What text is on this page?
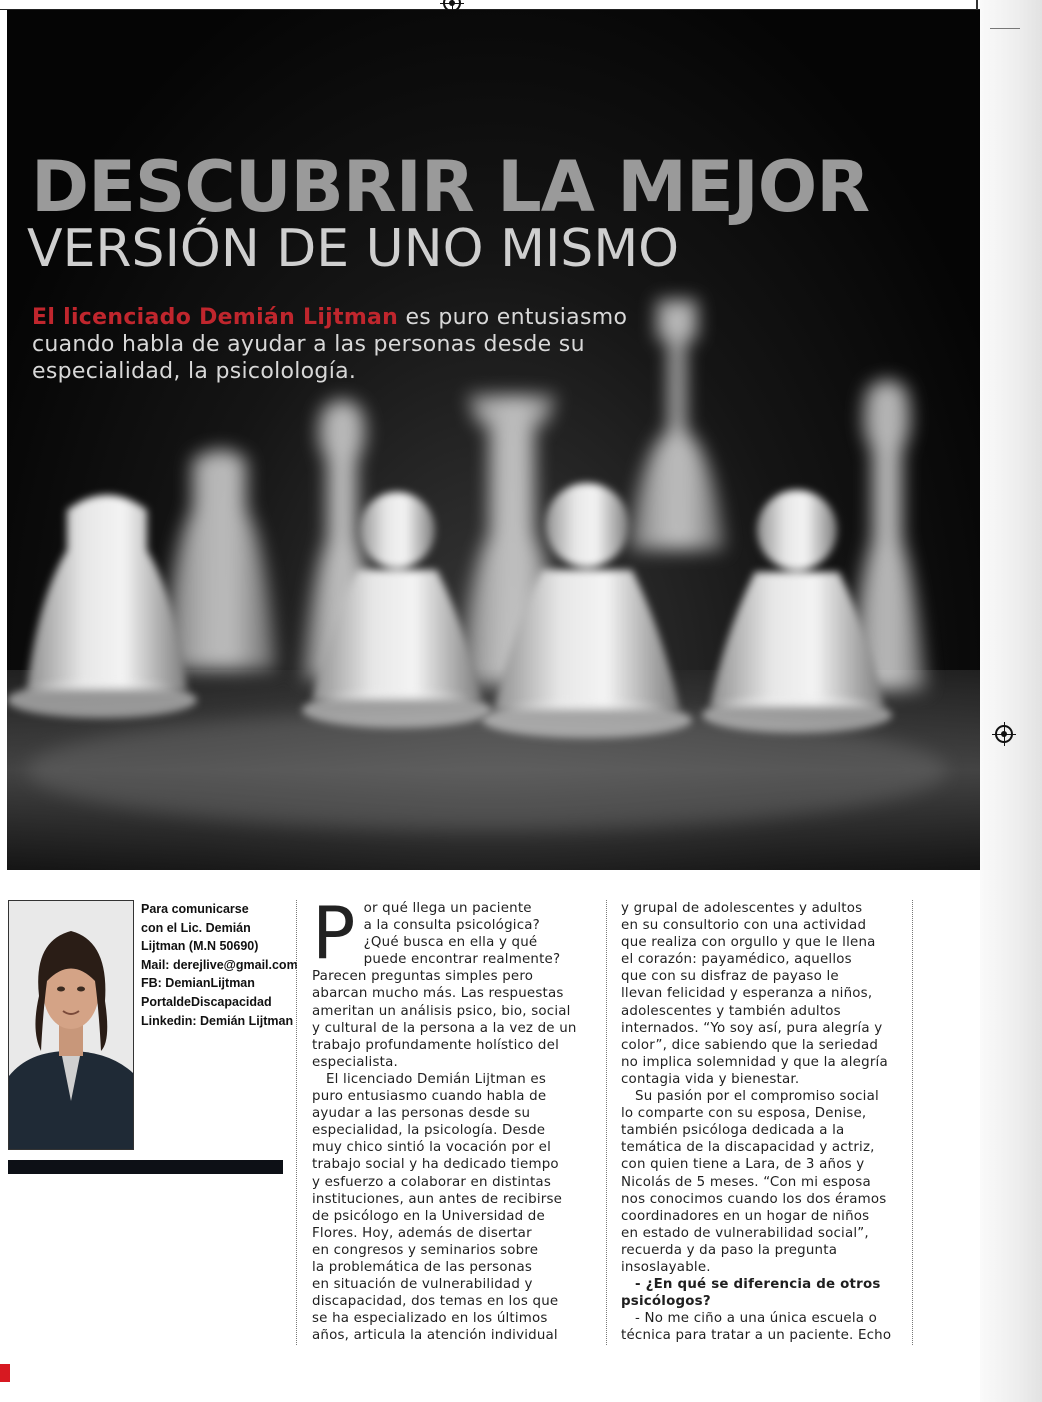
DESCUBRIR LA MEJOR
VERSIÓN DE UNO MISMO

El licenciado Demián Lijtman es puro entusiasmo cuando habla de ayudar a las personas desde su especialidad, la psicolología.

Para comunicarse

con el Lic. Demián

Lijtman (M.N 50690)

Mail: derejlive@gmail.com

FB: DemianLijtman

PortaldeDiscapacidad

Linkedin: Demián Lijtman

P or qué llega un paciente
a la consulta psicológica?
¿Qué busca en ella y qué
puede encontrar realmente?
Parecen preguntas simples pero
abarcan mucho más. Las respuestas
ameritan un análisis psico, bio, social
y cultural de la persona a la vez de un
trabajo profundamente holístico del
especialista.
El licenciado Demián Lijtman es
puro entusiasmo cuando habla de
ayudar a las personas desde su
especialidad, la psicología. Desde
muy chico sintió la vocación por el
trabajo social y ha dedicado tiempo
y esfuerzo a colaborar en distintas
instituciones, aun antes de recibirse
de psicólogo en la Universidad de
Flores. Hoy, además de disertar
en congresos y seminarios sobre
la problemática de las personas
en situación de vulnerabilidad y
discapacidad, dos temas en los que
se ha especializado en los últimos
años, articula la atención individual
y grupal de adolescentes y adultos
en su consultorio con una actividad
que realiza con orgullo y que le llena
el corazón: payamédico, aquellos
que con su disfraz de payaso le
llevan felicidad y esperanza a niños,
adolescentes y también adultos
internados. “Yo soy así, pura alegría y
color”, dice sabiendo que la seriedad
no implica solemnidad y que la alegría
contagia vida y bienestar.
Su pasión por el compromiso social
lo comparte con su esposa, Denise,
también psicóloga dedicada a la
temática de la discapacidad y actriz,
con quien tiene a Lara, de 3 años y
Nicolás de 5 meses. “Con mi esposa
nos conocimos cuando los dos éramos
coordinadores en un hogar de niños
en estado de vulnerabilidad social”,
recuerda y da paso la pregunta
insoslayable.
- ¿En qué se diferencia de otros
psicólogos?
- No me ciño a una única escuela o
técnica para tratar a un paciente. Echo
